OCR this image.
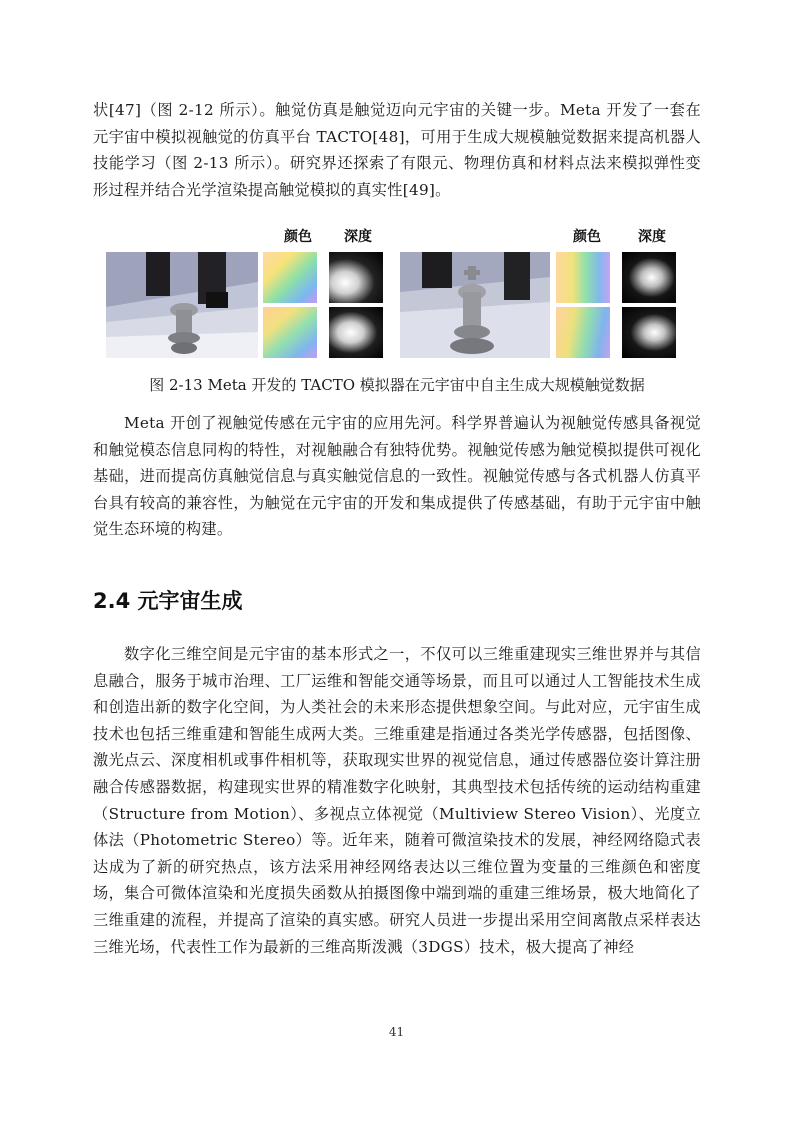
状[47]（图 2-12 所示）。触觉仿真是触觉迈向元宇宙的关键一步。Meta 开发了一套在元宇宙中模拟视触觉的仿真平台 TACTO[48]，可用于生成大规模触觉数据来提高机器人技能学习（图 2-13 所示）。研究界还探索了有限元、物理仿真和材料点法来模拟弹性变形过程并结合光学渲染提高触觉模拟的真实性[49]。

颜色 深度	颜色	深度

图 2-13 Meta 开发的 TACTO 模拟器在元宇宙中自主生成大规模触觉数据

Meta 开创了视触觉传感在元宇宙的应用先河。科学界普遍认为视触觉传感具备视觉和触觉模态信息同构的特性，对视触融合有独特优势。视触觉传感为触觉模拟提供可视化基础，进而提高仿真触觉信息与真实触觉信息的一致性。视触觉传感与各式机器人仿真平台具有较高的兼容性，为触觉在元宇宙的开发和集成提供了传感基础，有助于元宇宙中触觉生态环境的构建。

2.4 元宇宙生成

数字化三维空间是元宇宙的基本形式之一，不仅可以三维重建现实三维世界并与其信息融合，服务于城市治理、工厂运维和智能交通等场景，而且可以通过人工智能技术生成和创造出新的数字化空间，为人类社会的未来形态提供想象空间。与此对应，元宇宙生成技术也包括三维重建和智能生成两大类。三维重建是指通过各类光学传感器，包括图像、激光点云、深度相机或事件相机等，获取现实世界的视觉信息，通过传感器位姿计算注册融合传感器数据，构建现实世界的精准数字化映射，其典型技术包括传统的运动结构重建（Structure from Motion）、多视点立体视觉（Multiview Stereo Vision）、光度立体法（Photometric Stereo）等。近年来，随着可微渲染技术的发展，神经网络隐式表达成为了新的研究热点，该方法采用神经网络表达以三维位置为变量的三维颜色和密度场，集合可微体渲染和光度损失函数从拍摄图像中端到端的重建三维场景，极大地简化了三维重建的流程，并提高了渲染的真实感。研究人员进一步提出采用空间离散点采样表达三维光场，代表性工作为最新的三维高斯泼溅（3DGS）技术，极大提高了神经

41
